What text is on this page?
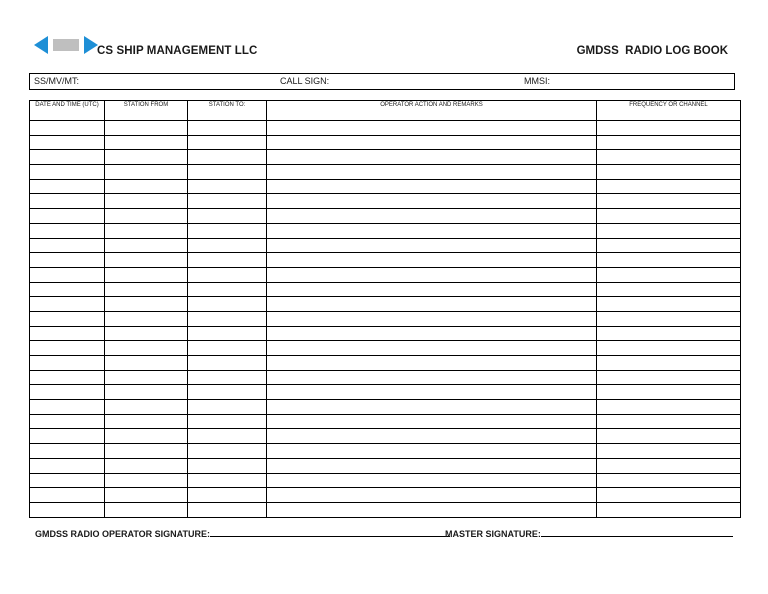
CS SHIP MANAGEMENT LLC	GMDSS  RADIO LOG BOOK
SS/MV/MT:	CALL SIGN:	MMSI:
DATE AND TIME (UTC)	STATION FROM	STATION TO:	OPERATOR ACTION AND REMARKS	FREQUENCY OR CHANNEL

GMDSS RADIO OPERATOR SIGNATURE:	MASTER SIGNATURE:
